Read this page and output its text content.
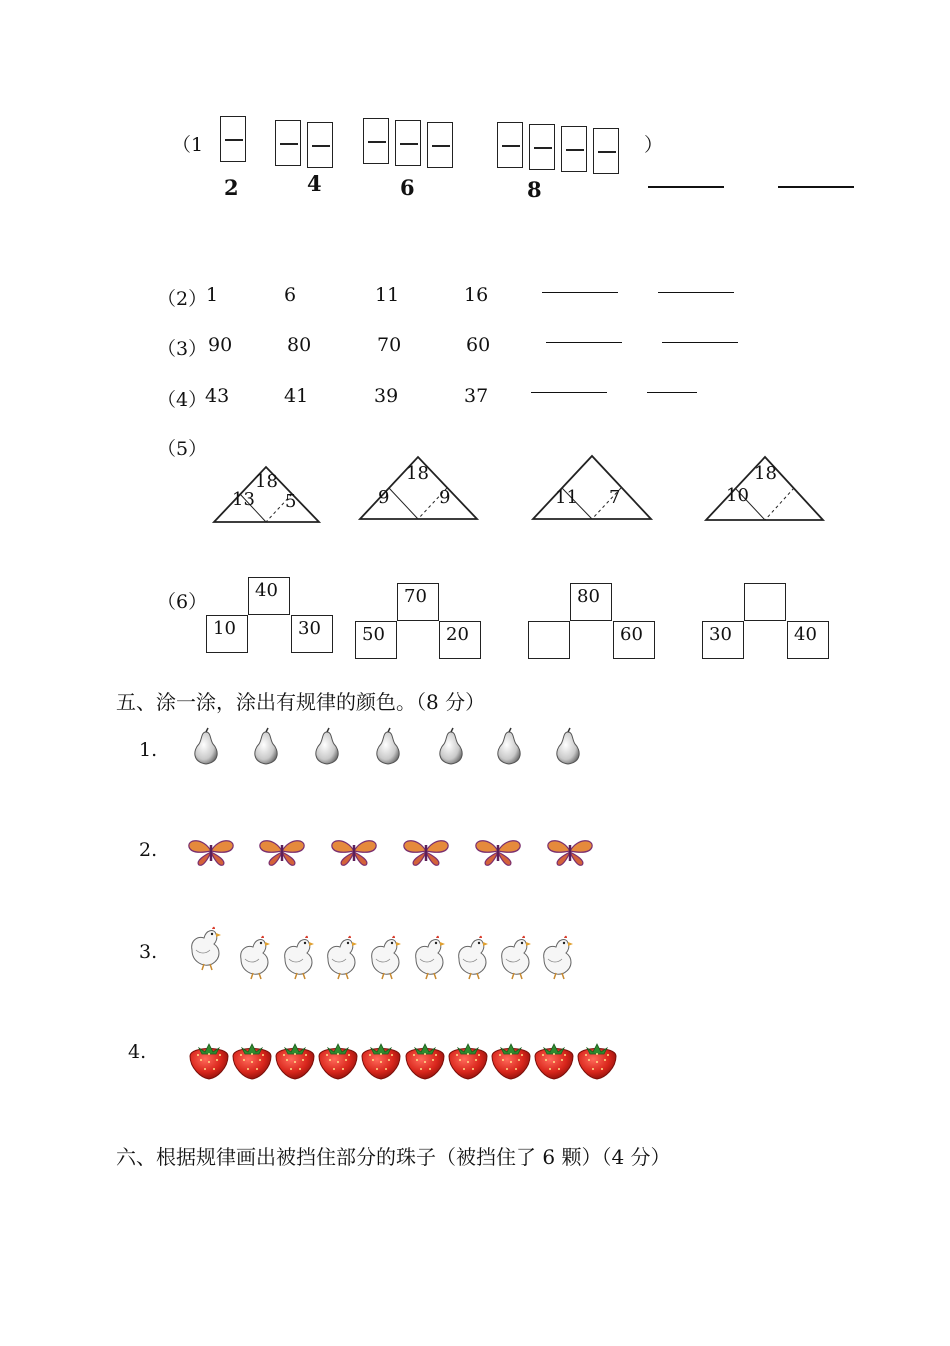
（1	）
2	4	6	8
（2）
1	6	11	16
（3） 90	80	70	60
（4）
43	41	39	37
（5）
18
13 5
18
9	9	11 7
18
10
（6）
40
10	30
70
50	20
80
60	30	40
五、涂一涂，涂出有规律的颜色。（8 分）
1.
2.
3.
4.
六、根据规律画出被挡住部分的珠子（被挡住了 6 颗）（4 分）
